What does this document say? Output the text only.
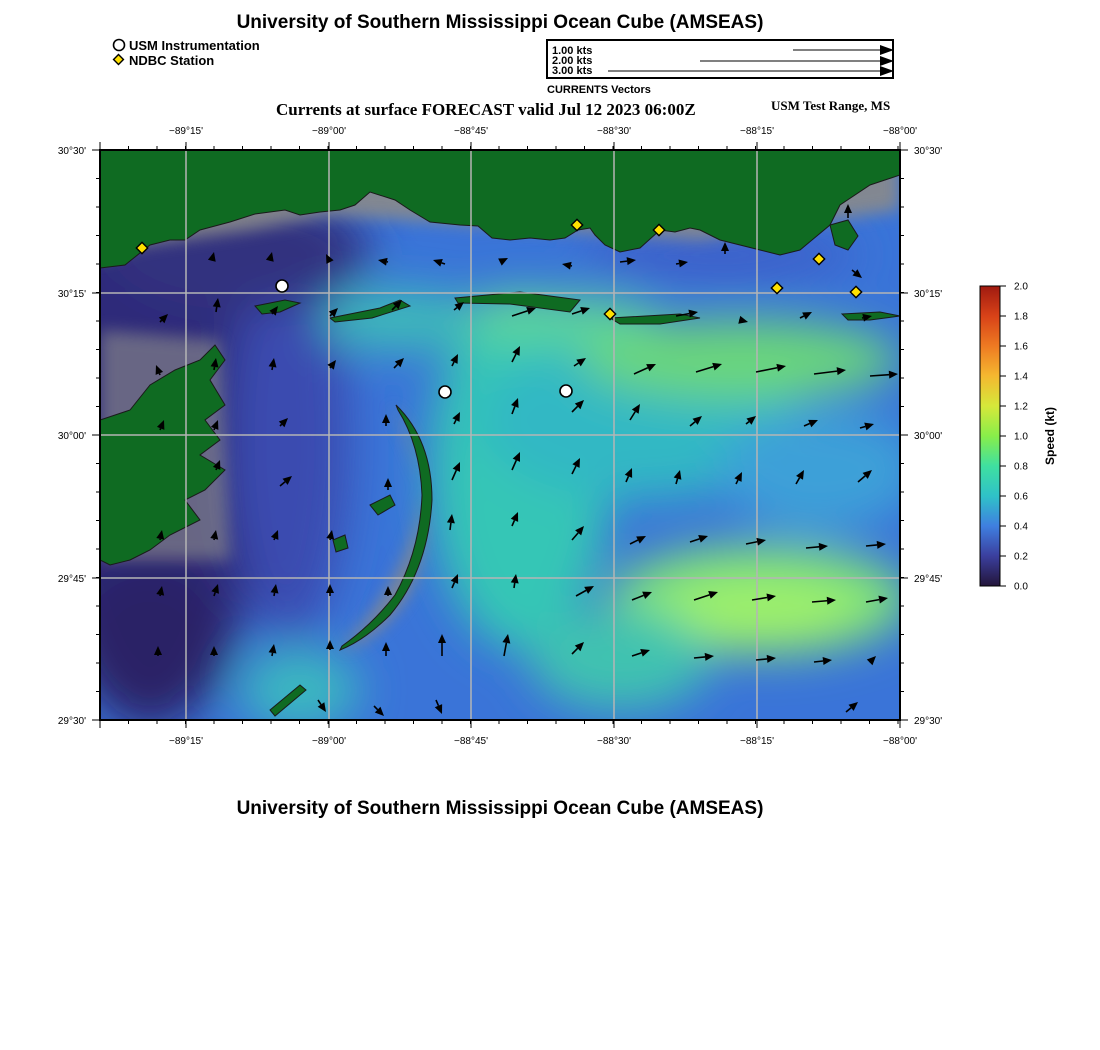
University of Southern Mississippi Ocean Cube (AMSEAS)
USM Instrumentation
NDBC Station
1.00 kts
2.00 kts
3.00 kts
CURRENTS Vectors
Currents at surface FORECAST valid Jul 12 2023 06:00Z	USM Test Range, MS
−89°15'	−89°00'	−88°45'	−88°30'	−88°15'	−88°00'
−89°15'	−89°00'	−88°45'	−88°30'	−88°15'	−88°00'
30°30'
30°15'
30°00'
29°45'
29°30'
30°30'
30°15'
30°00'
29°45'
29°30'
0.0
0.2
0.4
0.6
0.8
1.0
1.2
1.4
1.6
1.8
2.0
Speed (kt)
University of Southern Mississippi Ocean Cube (AMSEAS)
